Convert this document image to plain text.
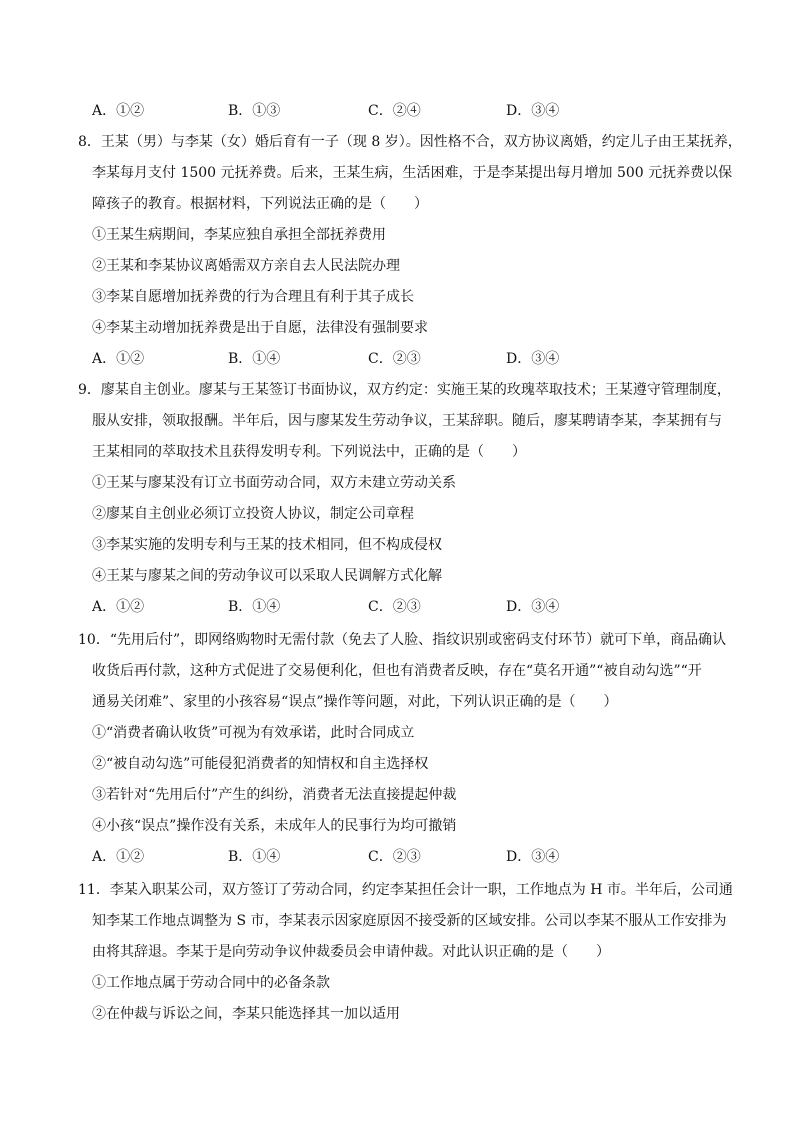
A．①②	B．①③	C．②④	D．③④
8．王某（男）与李某（女）婚后育有一子（现 8 岁）。因性格不合，双方协议离婚，约定儿子由王某抚养，
李某每月支付 1500 元抚养费。后来，王某生病，生活困难，于是李某提出每月增加 500 元抚养费以保
障孩子的教育。根据材料，下列说法正确的是（　　）
①王某生病期间，李某应独自承担全部抚养费用
②王某和李某协议离婚需双方亲自去人民法院办理
③李某自愿增加抚养费的行为合理且有利于其子成长
④李某主动增加抚养费是出于自愿，法律没有强制要求
A．①②	B．①④	C．②③	D．③④
9．廖某自主创业。廖某与王某签订书面协议，双方约定：实施王某的玫瑰萃取技术；王某遵守管理制度，
服从安排，领取报酬。半年后，因与廖某发生劳动争议，王某辞职。随后，廖某聘请李某，李某拥有与
王某相同的萃取技术且获得发明专利。下列说法中，正确的是（　　）
①王某与廖某没有订立书面劳动合同，双方未建立劳动关系
②廖某自主创业必须订立投资人协议，制定公司章程
③李某实施的发明专利与王某的技术相同，但不构成侵权
④王某与廖某之间的劳动争议可以采取人民调解方式化解
A．①②	B．①④	C．②③	D．③④
10．“先用后付”，即网络购物时无需付款（免去了人脸、指纹识别或密码支付环节）就可下单，商品确认
收货后再付款，这种方式促进了交易便利化，但也有消费者反映，存在“莫名开通”“被自动勾选”“开
通易关闭难”、家里的小孩容易“误点”操作等问题，对此，下列认识正确的是（　　）
①“消费者确认收货”可视为有效承诺，此时合同成立
②“被自动勾选”可能侵犯消费者的知情权和自主选择权
③若针对“先用后付”产生的纠纷，消费者无法直接提起仲裁
④小孩“误点”操作没有关系，未成年人的民事行为均可撤销
A．①②	B．①④	C．②③	D．③④
11．李某入职某公司，双方签订了劳动合同，约定李某担任会计一职，工作地点为 H 市。半年后，公司通
知李某工作地点调整为 S 市，李某表示因家庭原因不接受新的区域安排。公司以李某不服从工作安排为
由将其辞退。李某于是向劳动争议仲裁委员会申请仲裁。对此认识正确的是（　　）
①工作地点属于劳动合同中的必备条款
②在仲裁与诉讼之间，李某只能选择其一加以适用
